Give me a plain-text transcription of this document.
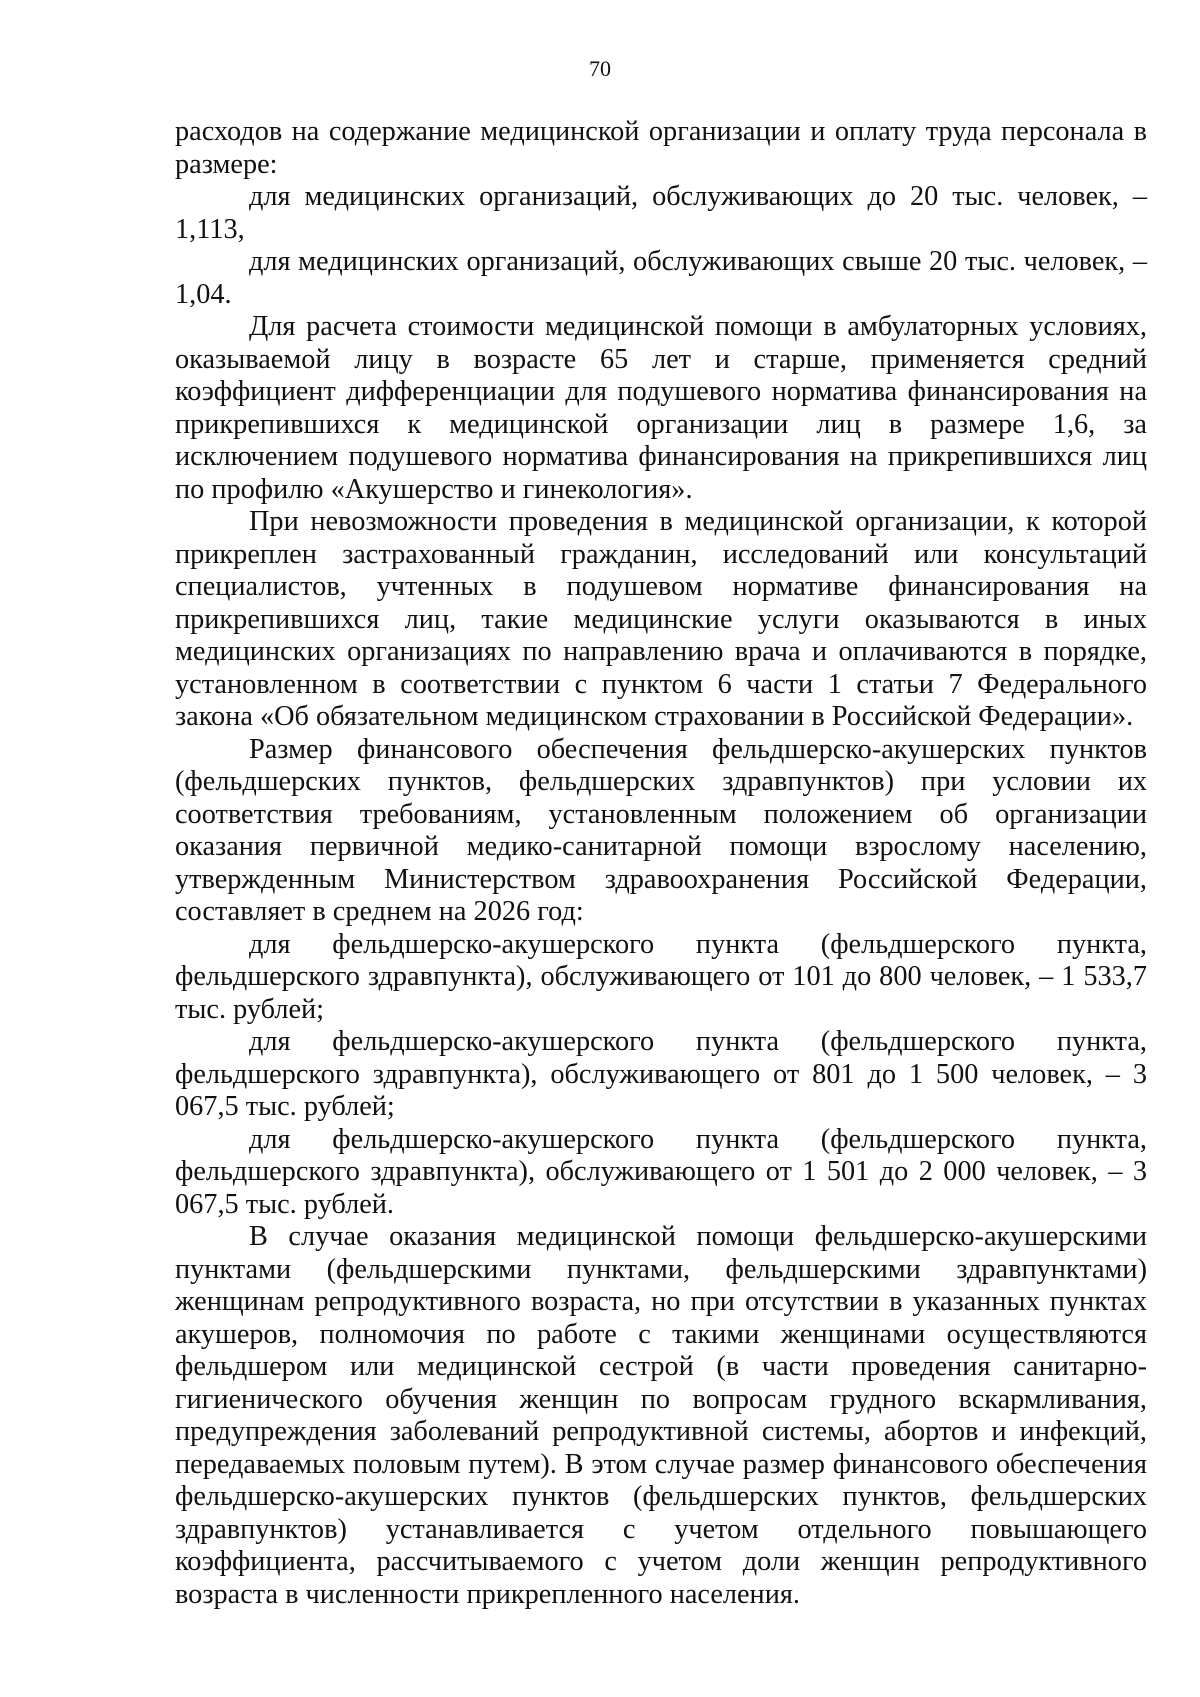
70

расходов на содержание медицинской организации и оплату труда персонала в размере:

для медицинских организаций, обслуживающих до 20 тыс. человек, – 1,113,

для медицинских организаций, обслуживающих свыше 20 тыс. человек, – 1,04.

Для расчета стоимости медицинской помощи в амбулаторных условиях, оказываемой лицу в возрасте 65 лет и старше, применяется средний коэффициент дифференциации для подушевого норматива финансирования на прикрепившихся к медицинской организации лиц в размере 1,6, за исключением подушевого норматива финансирования на прикрепившихся лиц по профилю «Акушерство и гинекология».

При невозможности проведения в медицинской организации, к которой прикреплен застрахованный гражданин, исследований или консультаций специалистов, учтенных в подушевом нормативе финансирования на прикрепившихся лиц, такие медицинские услуги оказываются в иных медицинских организациях по направлению врача и оплачиваются в порядке, установленном в соответствии с пунктом 6 части 1 статьи 7 Федерального закона «Об обязательном медицинском страховании в Российской Федерации».

Размер финансового обеспечения фельдшерско-акушерских пунктов (фельдшерских пунктов, фельдшерских здравпунктов) при условии их соответствия требованиям, установленным положением об организации оказания первичной медико-санитарной помощи взрослому населению, утвержденным Министерством здравоохранения Российской Федерации, составляет в среднем на 2026 год:

для фельдшерско-акушерского пункта (фельдшерского пункта, фельдшерского здравпункта), обслуживающего от 101 до 800 человек, – 1 533,7 тыс. рублей;

для фельдшерско-акушерского пункта (фельдшерского пункта, фельдшерского здравпункта), обслуживающего от 801 до 1 500 человек, – 3 067,5 тыс. рублей;

для фельдшерско-акушерского пункта (фельдшерского пункта, фельдшерского здравпункта), обслуживающего от 1 501 до 2 000 человек, – 3 067,5 тыс. рублей.

В случае оказания медицинской помощи фельдшерско-акушерскими пунктами (фельдшерскими пунктами, фельдшерскими здравпунктами) женщинам репродуктивного возраста, но при отсутствии в указанных пунктах акушеров, полномочия по работе с такими женщинами осуществляются фельдшером или медицинской сестрой (в части проведения санитарно-гигиенического обучения женщин по вопросам грудного вскармливания, предупреждения заболеваний репродуктивной системы, абортов и инфекций, передаваемых половым путем). В этом случае размер финансового обеспечения фельдшерско-акушерских пунктов (фельдшерских пунктов, фельдшерских здравпунктов) устанавливается с учетом отдельного повышающего коэффициента, рассчитываемого с учетом доли женщин репродуктивного возраста в численности прикрепленного населения.
